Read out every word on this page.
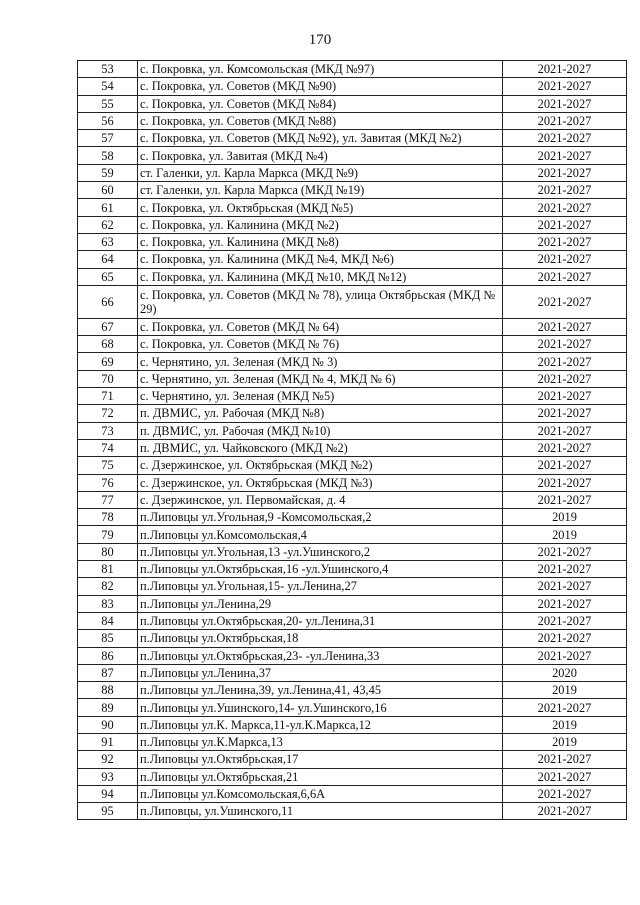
170
53	с. Покровка, ул. Комсомольская (МКД №97)	2021-2027
54	с. Покровка, ул. Советов (МКД №90)	2021-2027
55	с. Покровка, ул. Советов (МКД №84)	2021-2027
56	с. Покровка, ул. Советов (МКД №88)	2021-2027
57	с. Покровка, ул. Советов (МКД №92), ул. Завитая (МКД №2)	2021-2027
58	с. Покровка, ул. Завитая (МКД №4)	2021-2027
59	ст. Галенки, ул. Карла Маркса (МКД №9)	2021-2027
60	ст. Галенки, ул. Карла Маркса (МКД №19)	2021-2027
61	с. Покровка, ул. Октябрьская (МКД №5)	2021-2027
62	с. Покровка, ул. Калинина (МКД №2)	2021-2027
63	с. Покровка, ул. Калинина (МКД №8)	2021-2027
64	с. Покровка, ул. Калинина (МКД №4, МКД №6)	2021-2027
65	с. Покровка, ул. Калинина (МКД №10, МКД №12)	2021-2027
66	с. Покровка, ул. Советов (МКД № 78), улица Октябрьская (МКД № 29)	2021-2027
67	с. Покровка, ул. Советов (МКД № 64)	2021-2027
68	с. Покровка, ул. Советов (МКД № 76)	2021-2027
69	с. Чернятино, ул. Зеленая (МКД № 3)	2021-2027
70	с. Чернятино, ул. Зеленая (МКД № 4, МКД № 6)	2021-2027
71	с. Чернятино, ул. Зеленая (МКД №5)	2021-2027
72	п. ДВМИС, ул. Рабочая (МКД №8)	2021-2027
73	п. ДВМИС, ул. Рабочая (МКД №10)	2021-2027
74	п. ДВМИС, ул. Чайковского (МКД №2)	2021-2027
75	с. Дзержинское, ул. Октябрьская (МКД №2)	2021-2027
76	с. Дзержинское, ул. Октябрьская (МКД №3)	2021-2027
77	с. Дзержинское, ул. Первомайская, д. 4	2021-2027
78	п.Липовцы ул.Угольная,9 -Комсомольская,2	2019
79	п.Липовцы ул.Комсомольская,4	2019
80	п.Липовцы ул.Угольная,13 -ул.Ушинского,2	2021-2027
81	п.Липовцы ул.Октябрьская,16 -ул.Ушинского,4	2021-2027
82	п.Липовцы ул.Угольная,15- ул.Ленина,27	2021-2027
83	п.Липовцы ул.Ленина,29	2021-2027
84	п.Липовцы ул.Октябрьская,20- ул.Ленина,31	2021-2027
85	п.Липовцы ул.Октябрьская,18	2021-2027
86	п.Липовцы ул.Октябрьская,23- -ул.Ленина,33	2021-2027
87	п.Липовцы ул.Ленина,37	2020
88	п.Липовцы ул.Ленина,39, ул.Ленина,41, 43,45	2019
89	п.Липовцы ул.Ушинского,14- ул.Ушинского,16	2021-2027
90	п.Липовцы ул.К. Маркса,11-ул.К.Маркса,12	2019
91	п.Липовцы ул.К.Маркса,13	2019
92	п.Липовцы ул.Октябрьская,17	2021-2027
93	п.Липовцы ул.Октябрьская,21	2021-2027
94	п.Липовцы ул.Комсомольская,6,6А	2021-2027
95	п.Липовцы, ул.Ушинского,11	2021-2027
